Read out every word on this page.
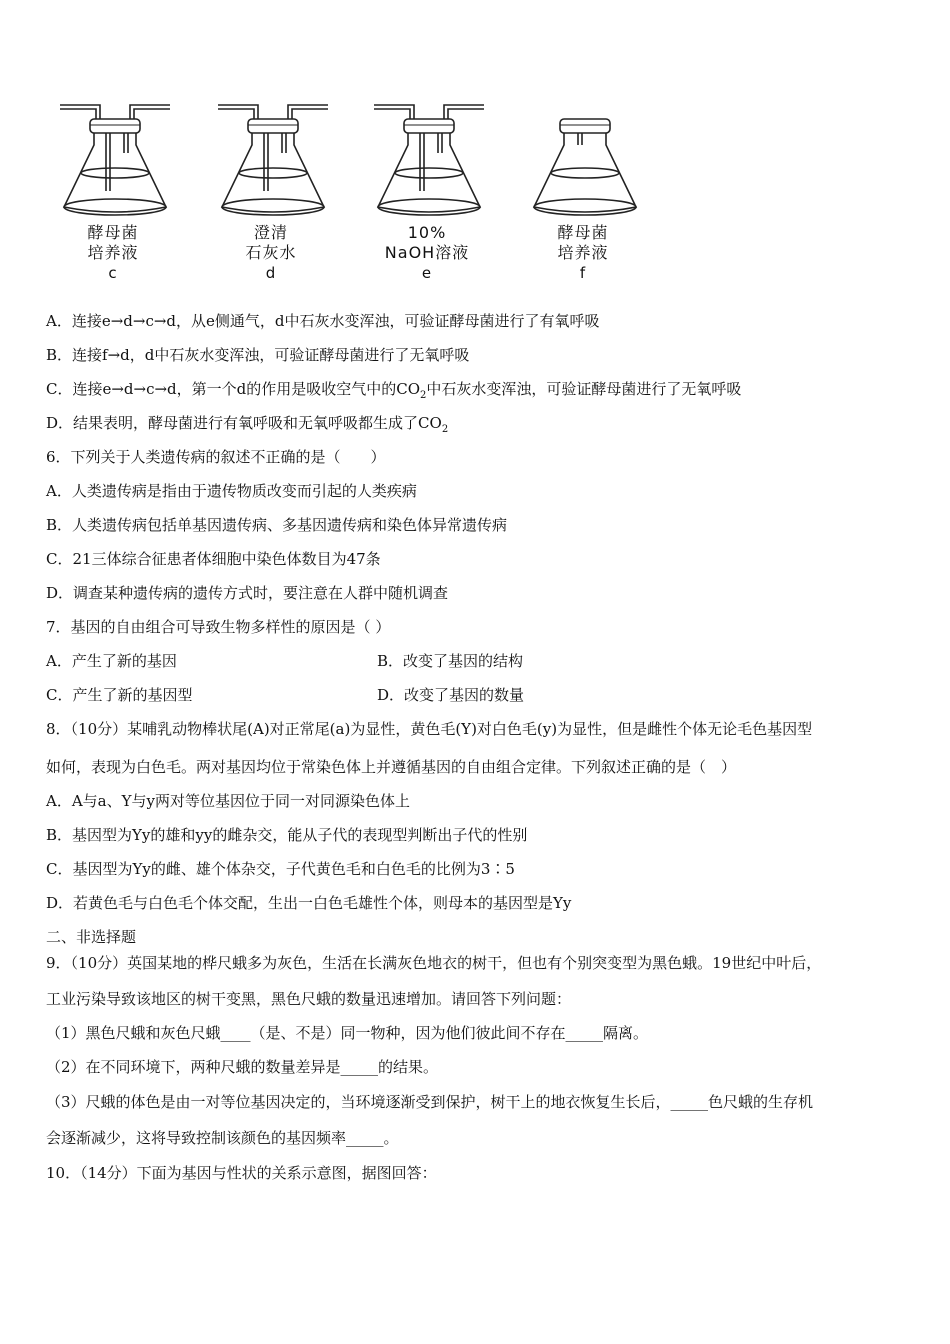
酵母菌
培养液
c
澄清
石灰水
d
10%
NaOH溶液
e
酵母菌
培养液
f
A．连接e→d→c→d，从e侧通气，d中石灰水变浑浊，可验证酵母菌进行了有氧呼吸
B．连接f→d，d中石灰水变浑浊，可验证酵母菌进行了无氧呼吸
C．连接e→d→c→d，第一个d的作用是吸收空气中的$CO_2$中石灰水变浑浊，可验证酵母菌进行了无氧呼吸
D．结果表明，酵母菌进行有氧呼吸和无氧呼吸都生成了$CO_2$
6．下列关于人类遗传病的叙述不正确的是（　　）
A．人类遗传病是指由于遗传物质改变而引起的人类疾病
B．人类遗传病包括单基因遗传病、多基因遗传病和染色体异常遗传病
C．21三体综合征患者体细胞中染色体数目为47条
D．调查某种遗传病的遗传方式时，要注意在人群中随机调查
7．基因的自由组合可导致生物多样性的原因是（ ）
A．产生了新的基因	B．改变了基因的结构
C．产生了新的基因型	D．改变了基因的数量
8．（10分）某哺乳动物棒状尾(A)对正常尾(a)为显性，黄色毛(Y)对白色毛(y)为显性，但是雌性个体无论毛色基因型
如何，表现为白色毛。两对基因均位于常染色体上并遵循基因的自由组合定律。下列叙述正确的是（　）
A．A与a、Y与y两对等位基因位于同一对同源染色体上
B．基因型为Yy的雄和yy的雌杂交，能从子代的表现型判断出子代的性别
C．基因型为Yy的雌、雄个体杂交，子代黄色毛和白色毛的比例为3∶5
D．若黄色毛与白色毛个体交配，生出一白色毛雄性个体，则母本的基因型是Yy
二、非选择题
9．（10分）英国某地的桦尺蛾多为灰色，生活在长满灰色地衣的树干，但也有个别突变型为黑色蛾。19世纪中叶后，
工业污染导致该地区的树干变黑，黑色尺蛾的数量迅速增加。请回答下列问题：
（1）黑色尺蛾和灰色尺蛾____（是、不是）同一物种，因为他们彼此间不存在_____隔离。
（2）在不同环境下，两种尺蛾的数量差异是_____的结果。
（3）尺蛾的体色是由一对等位基因决定的，当环境逐渐受到保护，树干上的地衣恢复生长后，_____色尺蛾的生存机
会逐渐减少，这将导致控制该颜色的基因频率_____。
10．（14分）下面为基因与性状的关系示意图，据图回答：
